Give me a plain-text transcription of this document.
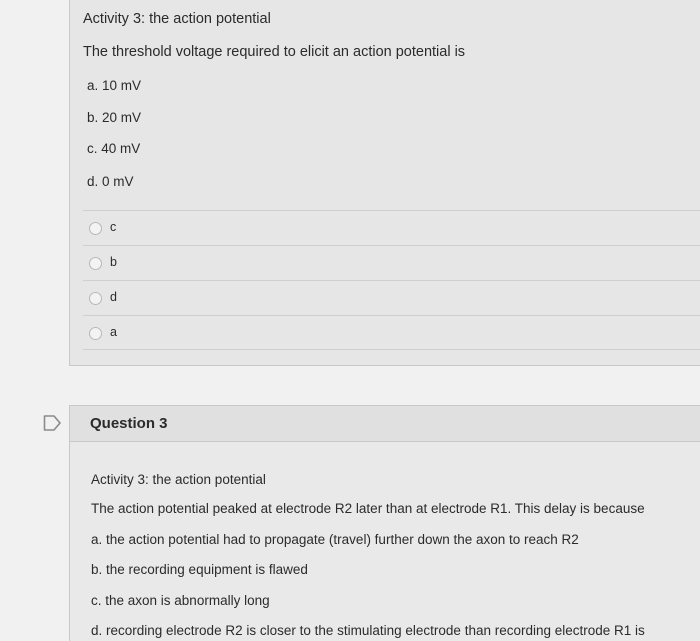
Activity 3: the action potential
The threshold voltage required to elicit an action potential is
a. 10 mV
b. 20 mV
c. 40 mV
d. 0 mV
c
b
d
a
Question 3
Activity 3: the action potential
The action potential peaked at electrode R2 later than at electrode R1. This delay is because
a. the action potential had to propagate (travel) further down the axon to reach R2
b. the recording equipment is flawed
c. the axon is abnormally long
d. recording electrode R2 is closer to the stimulating electrode than recording electrode R1 is
